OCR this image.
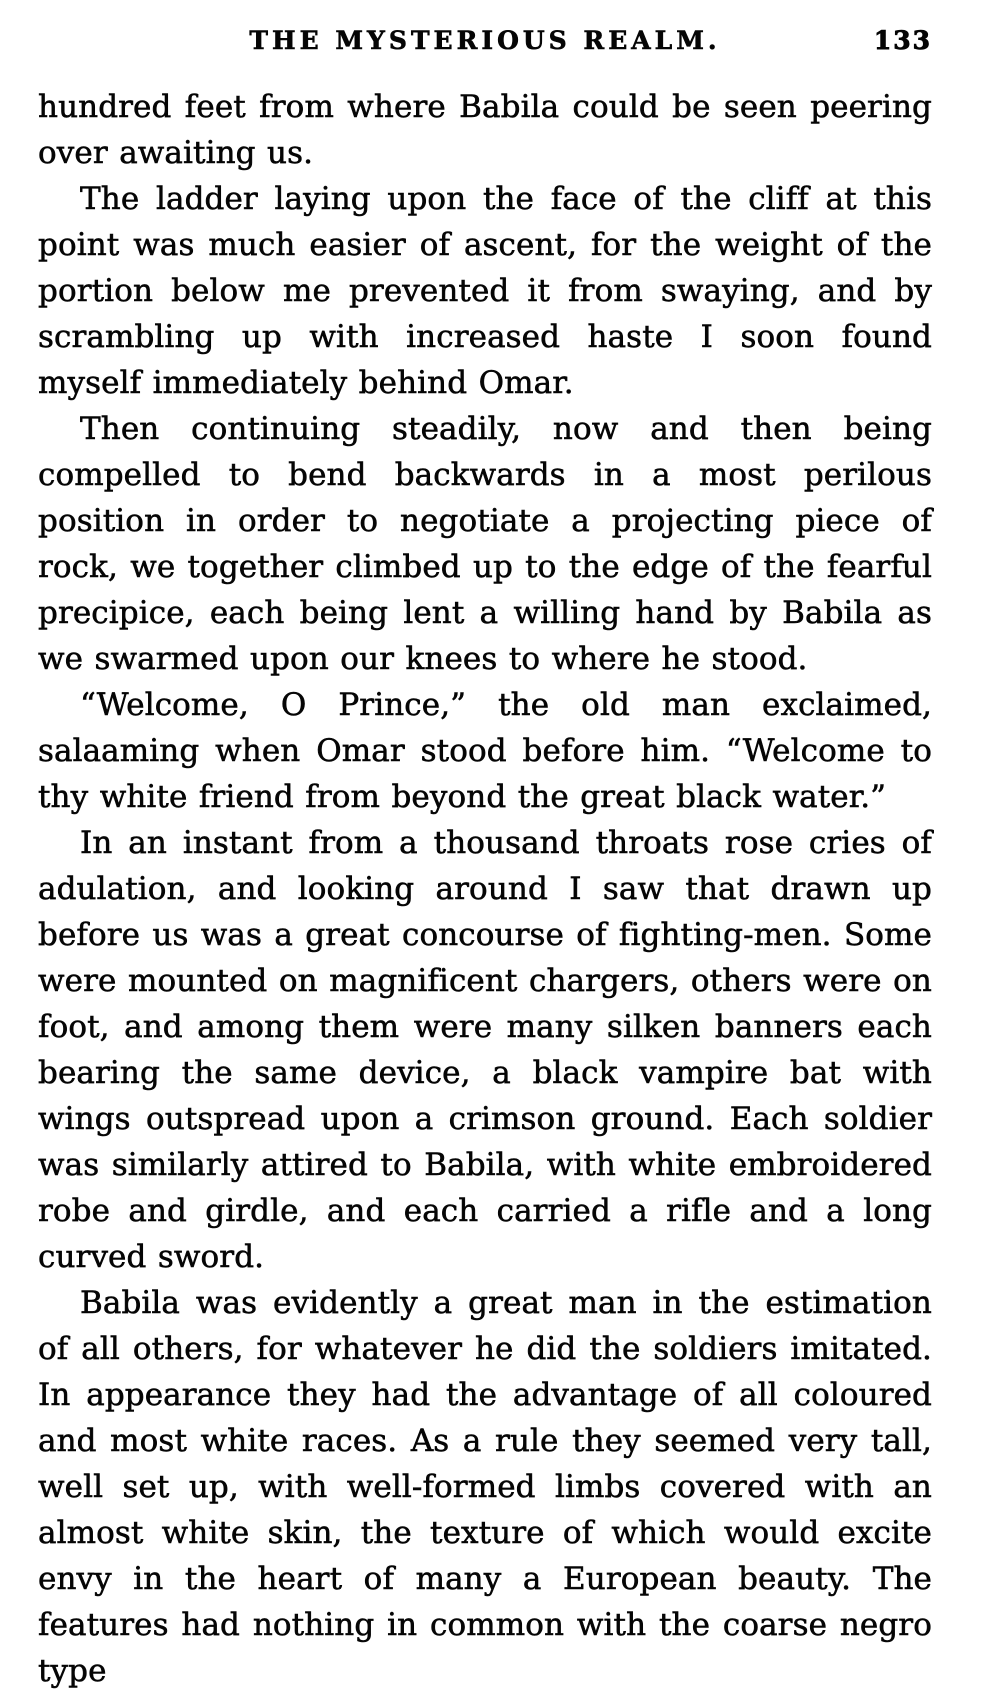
THE MYSTERIOUS REALM.	133

hundred feet from where Babila could be seen peering over awaiting us.

The ladder laying upon the face of the cliff at this point was much easier of ascent, for the weight of the portion below me prevented it from swaying, and by scrambling up with increased haste I soon found myself immediately behind Omar.

Then continuing steadily, now and then being compelled to bend backwards in a most perilous position in order to negotiate a projecting piece of rock, we together climbed up to the edge of the fearful precipice, each being lent a willing hand by Babila as we swarmed upon our knees to where he stood.

“Welcome, O Prince,” the old man exclaimed, salaaming when Omar stood before him. “Welcome to thy white friend from beyond the great black water.”

In an instant from a thousand throats rose cries of adulation, and looking around I saw that drawn up before us was a great concourse of fighting-men. Some were mounted on magnificent chargers, others were on foot, and among them were many silken banners each bearing the same device, a black vampire bat with wings outspread upon a crimson ground. Each soldier was similarly attired to Babila, with white embroidered robe and girdle, and each carried a rifle and a long curved sword.

Babila was evidently a great man in the estimation of all others, for whatever he did the soldiers imitated. In appearance they had the advantage of all coloured and most white races. As a rule they seemed very tall, well set up, with well-formed limbs covered with an almost white skin, the texture of which would excite envy in the heart of many a European beauty. The features had nothing in common with the coarse negro type
